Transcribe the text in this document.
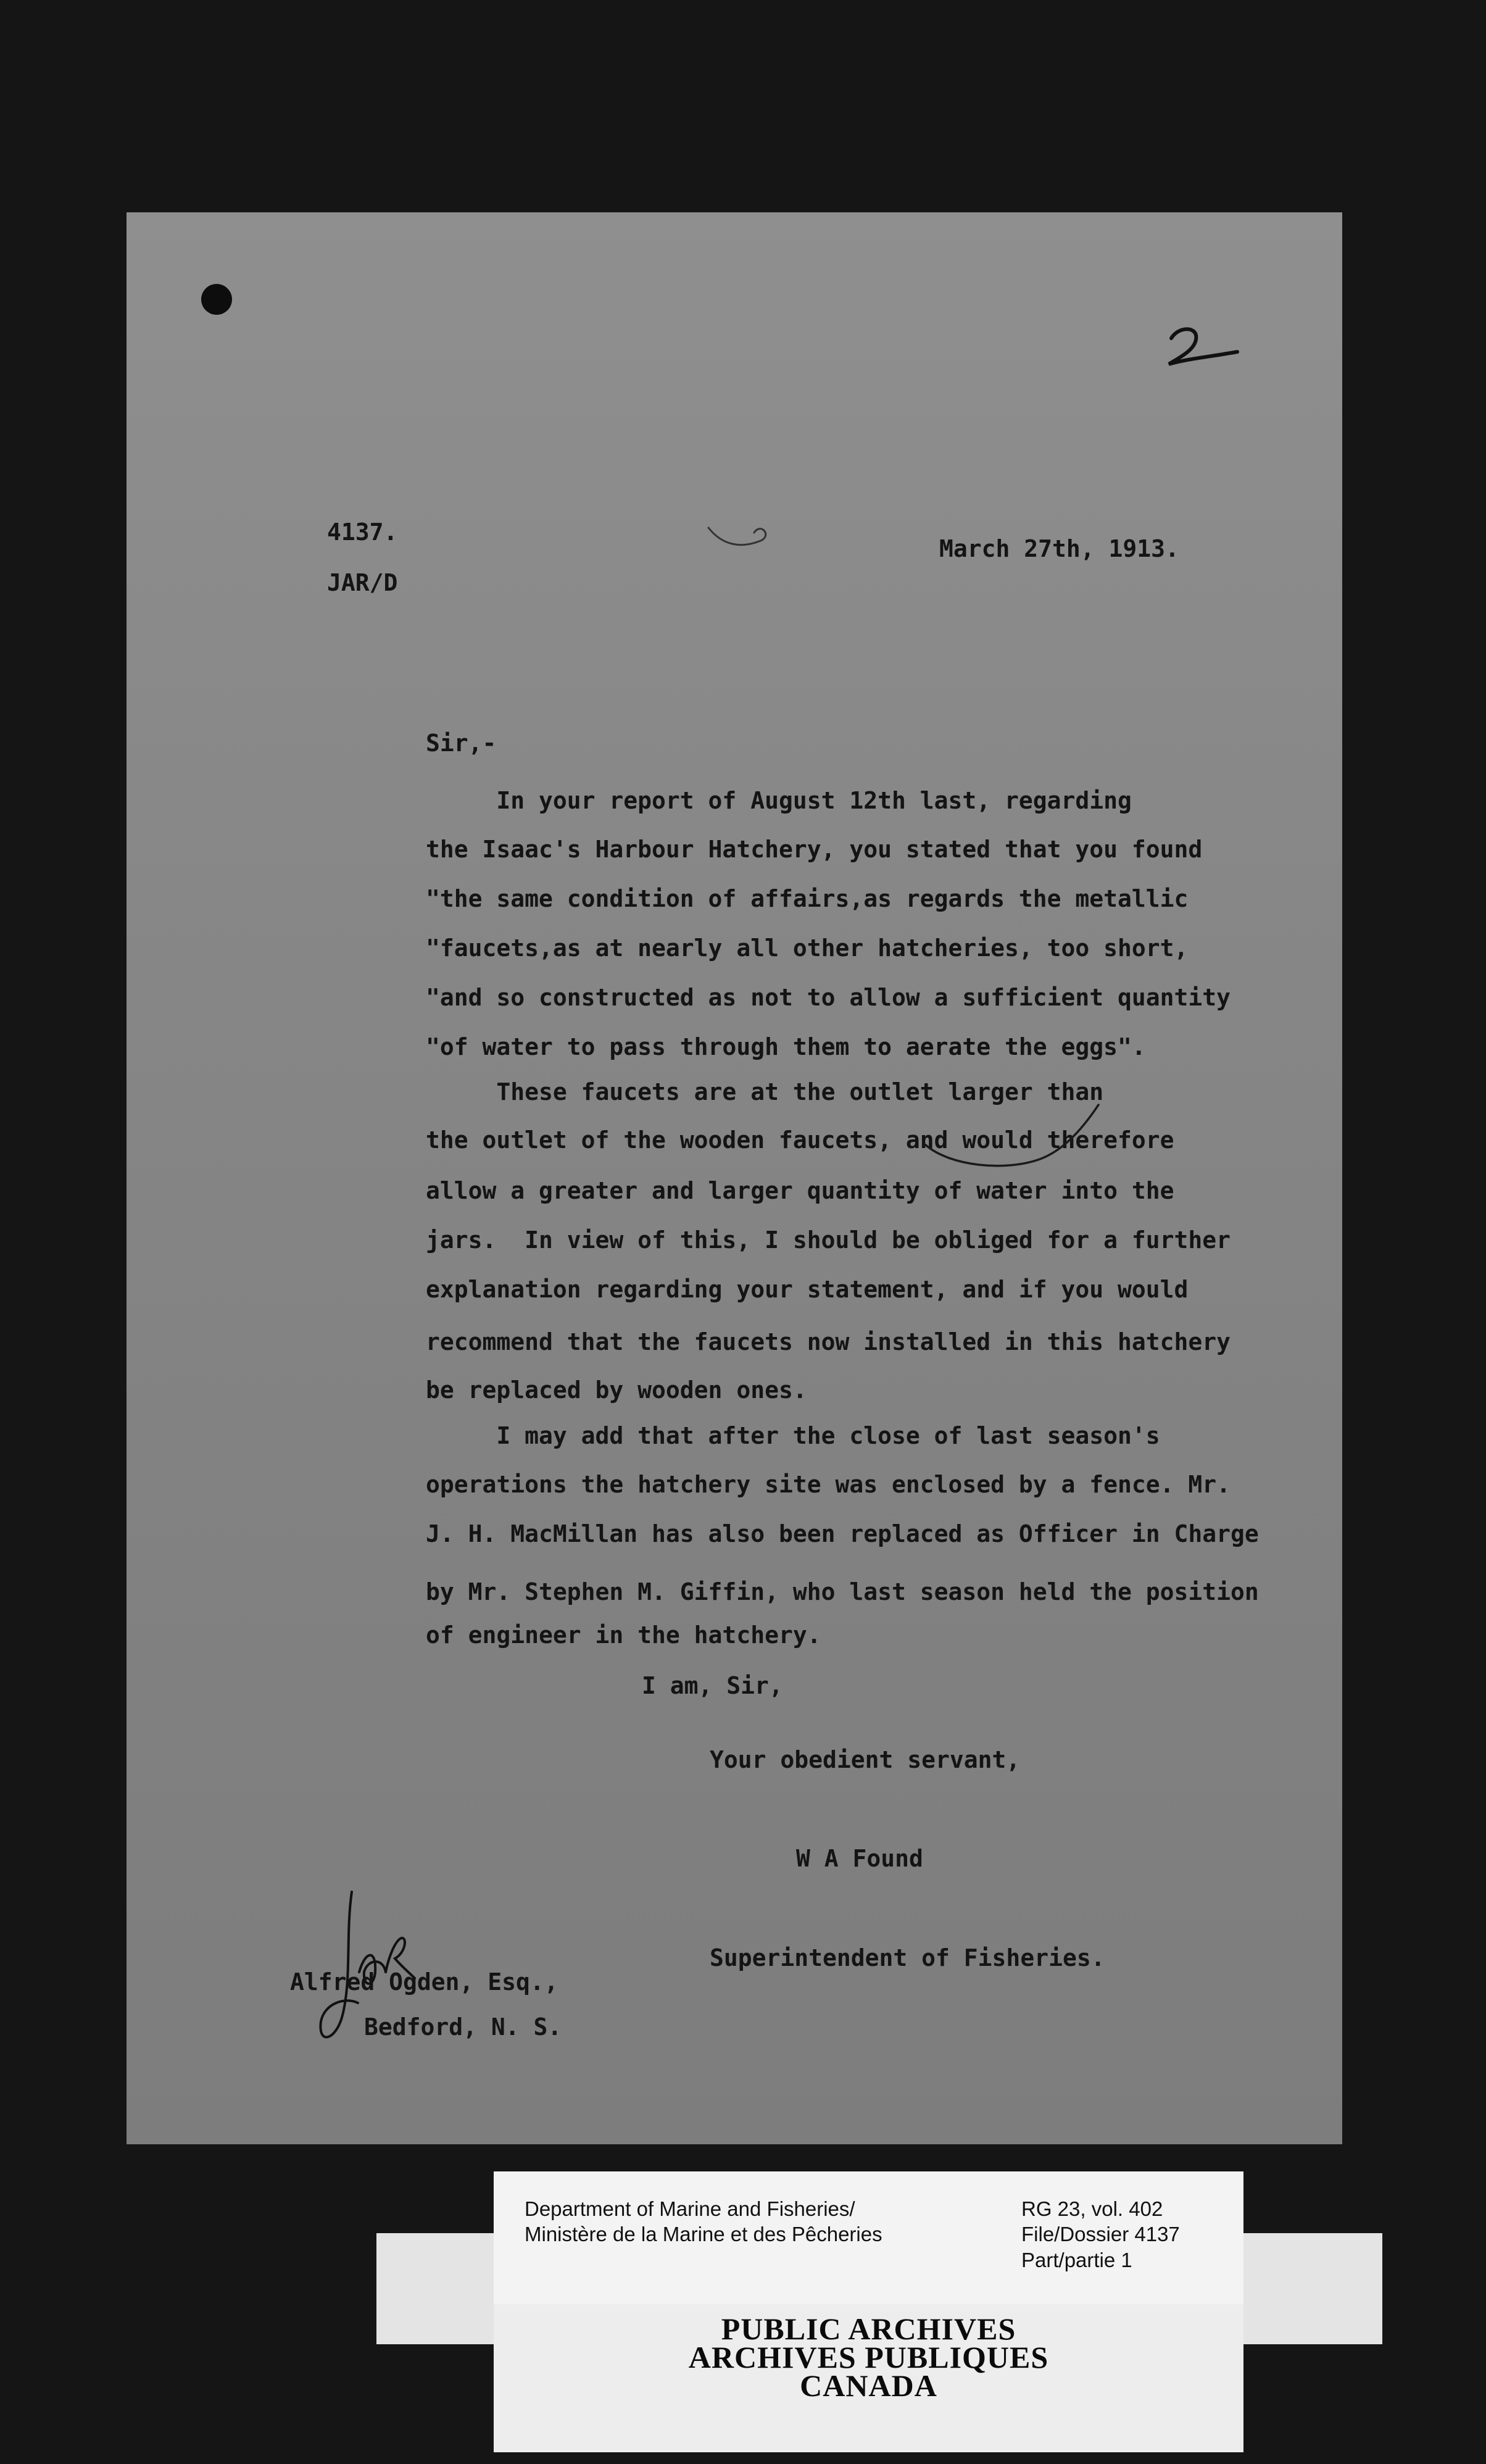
4137.
JAR/D
March 27th, 1913.
Sir,-
In your report of August 12th last, regarding
the Isaac's Harbour Hatchery, you stated that you found
"the same condition of affairs,as regards the metallic
"faucets,as at nearly all other hatcheries, too short,
"and so constructed as not to allow a sufficient quantity
"of water to pass through them to aerate the eggs".
These faucets are at the outlet larger than
the outlet of the wooden faucets, and would therefore
allow a greater and larger quantity of water into the
jars.  In view of this, I should be obliged for a further
explanation regarding your statement, and if you would
recommend that the faucets now installed in this hatchery
be replaced by wooden ones.
I may add that after the close of last season's
operations the hatchery site was enclosed by a fence. Mr.
J. H. MacMillan has also been replaced as Officer in Charge
by Mr. Stephen M. Giffin, who last season held the position
of engineer in the hatchery.
I am, Sir,
Your obedient servant,
W A Found
Superintendent of Fisheries.
Alfred Ogden, Esq.,
Bedford, N. S.
Department of Marine and Fisheries/
Ministère de la Marine et des Pêcheries
RG 23, vol. 402
File/Dossier 4137
Part/partie 1
PUBLIC ARCHIVES
ARCHIVES PUBLIQUES
CANADA
